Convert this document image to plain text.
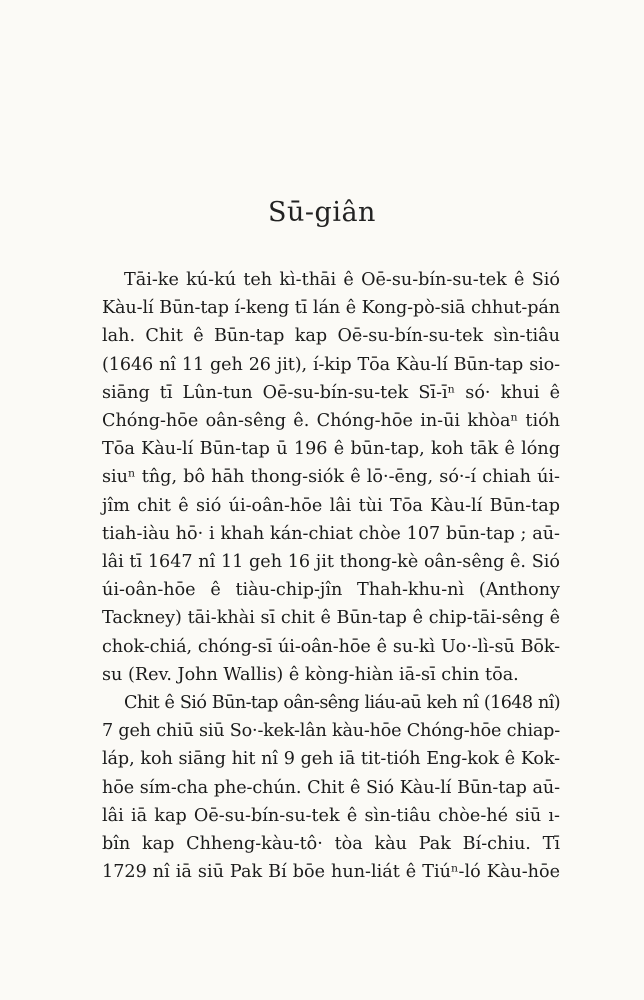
Sū-giân
Tāi-ke kú-kú teh kì-thāi ê Oē-su-bín-su-tek ê Sió
Kàu-lí Būn-tap í-keng tī lán ê Kong-pò-siā chhut-pán
lah. Chit ê Būn-tap kap Oē-su-bín-su-tek sìn-tiâu
(1646 nî 11 geh 26 jit), í-kip Tōa Kàu-lí Būn-tap sio-
siāng tī Lûn-tun Oē-su-bín-su-tek Sī-īⁿ só· khui ê
Chóng-hōe oân-sêng ê. Chóng-hōe in-ūi khòaⁿ tióh
Tōa Kàu-lí Būn-tap ū 196 ê būn-tap, koh tāk ê lóng
siuⁿ tn̂g, bô hāh thong-siók ê lō·-ēng, só·-í chiah úi-
jîm chit ê sió úi-oân-hōe lâi tùi Tōa Kàu-lí Būn-tap
tiah-iàu hō· i khah kán-chiat chòe 107 būn-tap ; aū-
lâi tī 1647 nî 11 geh 16 jit thong-kè oân-sêng ê. Sió
úi-oân-hōe ê tiàu-chip-jîn Thah-khu-nì (Anthony
Tackney) tāi-khài sī chit ê Būn-tap ê chip-tāi-sêng ê
chok-chiá, chóng-sī úi-oân-hōe ê su-kì Uo·-lì-sū Bōk-
su (Rev. John Wallis) ê kòng-hiàn iā-sī chin tōa.
Chit ê Sió Būn-tap oân-sêng liáu-aū keh nî (1648 nî)
7 geh chiū siū So·-kek-lân kàu-hōe Chóng-hōe chiap-
láp, koh siāng hit nî 9 geh iā tit-tióh Eng-kok ê Kok-
hōe sím-cha phe-chún. Chit ê Sió Kàu-lí Būn-tap aū-
lâi iā kap Oē-su-bín-su-tek ê sìn-tiâu chòe-hé siū ı-
bîn kap Chheng-kàu-tô· tòa kàu Pak Bí-chiu. Tī
1729 nî iā siū Pak Bí bōe hun-liát ê Tiúⁿ-ló Kàu-hōe
